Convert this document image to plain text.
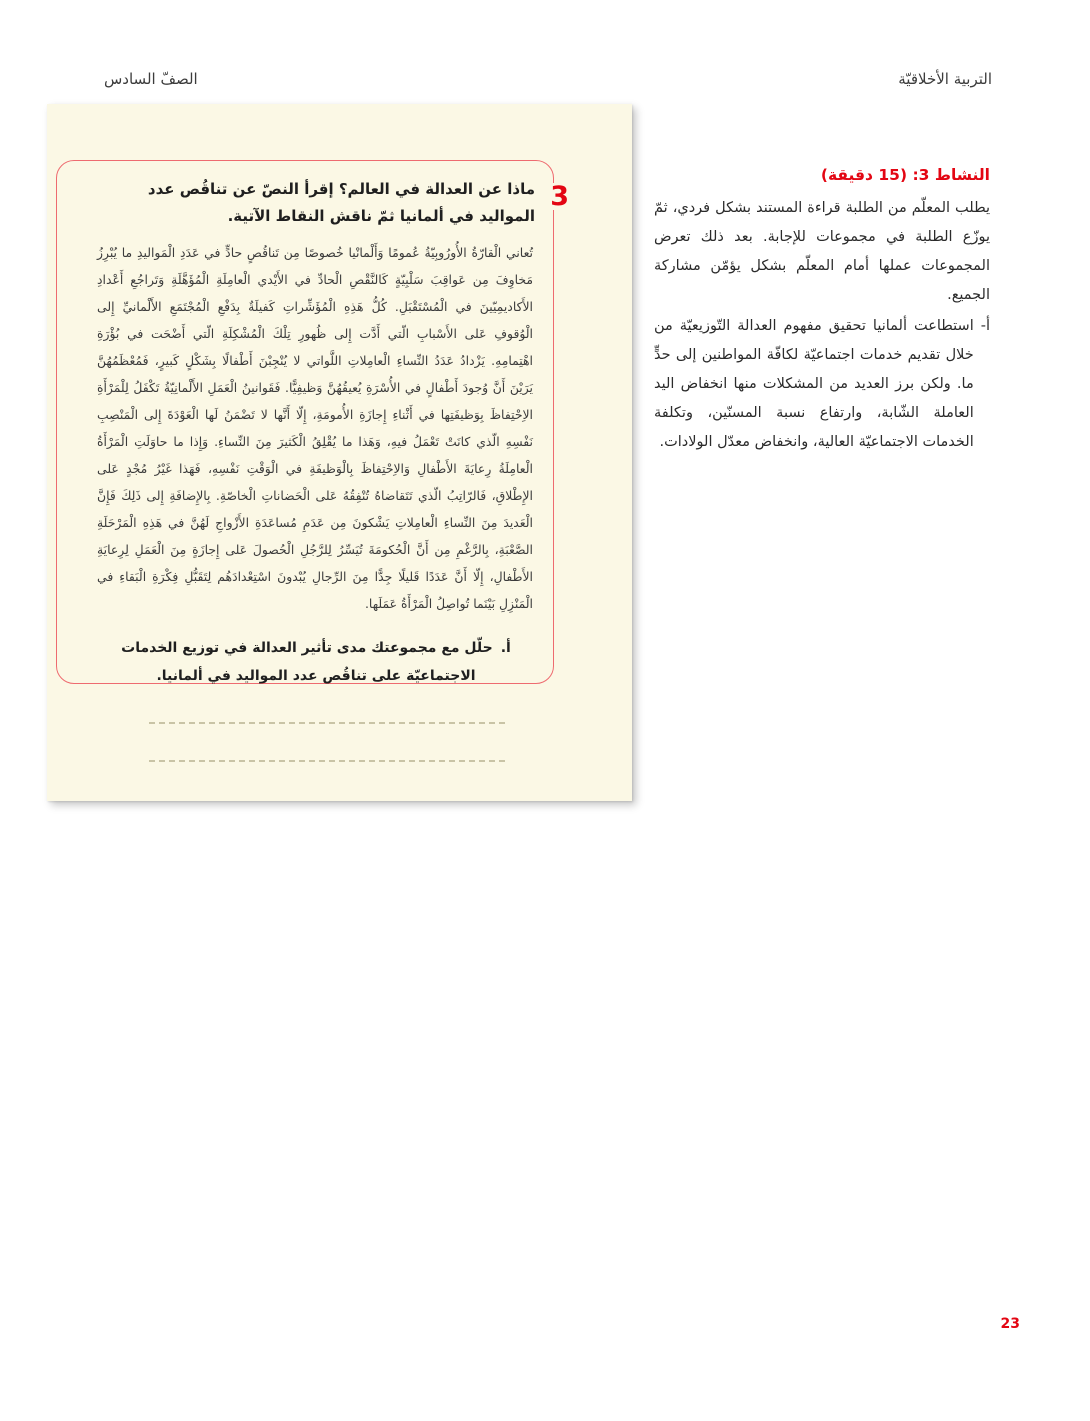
الصفّ السادس	التربية الأخلاقيّة
النشاط 3: (15 دقيقة)

يطلب المعلّم من الطلبة قراءة المستند بشكل فردي، ثمّ يوزّع الطلبة في مجموعات للإجابة. بعد ذلك تعرض المجموعات عملها أمام المعلّم بشكل يؤمّن مشاركة الجميع.

أ-

استطاعت ألمانيا تحقيق مفهوم العدالة التّوزيعيّة من خلال تقديم خدمات اجتماعيّة لكافّة المواطنين إلى حدٍّ ما. ولكن برز العديد من المشكلات منها انخفاض اليد العاملة الشّابة، وارتفاع نسبة المسنّين، وتكلفة الخدمات الاجتماعيّة العالية، وانخفاض معدّل الولادات.

3
ماذا عن العدالة في العالم؟ إقرأ النصّ عن تناقُص عدد المواليد في ألمانيا ثمّ ناقش النقاط الآتية.

تُعاني الْقارّةُ الأُورُوبِيّةُ عُمومًا وَأَلْمانْيا خُصوصًا مِن تَناقُصٍ حادٍّ في عَدَدِ الْمَواليدِ ما يُبْرِزُ مَخاوِفَ مِن عَواقِبَ سَلْبِيّةٍ كَالنَّقْصِ الْحادِّ في الأَيْدي الْعامِلَةِ الْمُؤَهَّلَةِ وَتَراجُعِ أَعْدادِ الأَكاديمِيّينَ في الْمُسْتَقْبَلِ. كُلُّ هَذِهِ الْمُؤَشِّراتِ كَفيلَةٌ بِدَفْعِ الْمُجْتَمَعِ الأَلْمانيِّ إِلى الْوُقوفِ عَلى الأَسْبابِ الّتي أَدَّت إِلى ظُهورِ تِلْكَ الْمُشْكِلَةِ الّتي أَضْحَت في بُؤْرَةِ اهْتِمامِهِ. يَزْدادُ عَدَدُ النِّساءِ الْعامِلاتِ اللَّواتي لا يُنْجِبْنَ أَطْفالًا بِشَكْلٍ كَبيرٍ، فَمُعْظَمُهُنَّ يَرَيْنَ أَنَّ وُجودَ أَطْفالٍ في الأُسْرَةِ يُعيقُهُنَّ وَظيفِيًّا. فَقَوانينُ الْعَمَلِ الأَلْمانِيّةُ تَكْفَلُ لِلْمَرْأَةِ الاِحْتِفاظَ بِوَظيفَتِها في أَثْناءِ إِجازَةِ الأُمومَةِ، إِلّا أَنَّها لا تَضْمَنُ لَها الْعَوْدَةَ إِلى الْمَنْصِبِ نَفْسِهِ الّذي كانَتْ تَعْمَلُ فيهِ، وَهَذا ما يُقْلِقُ الْكَثيرَ مِنَ النِّساءِ. وَإِذا ما حاوَلَتِ الْمَرْأَةُ الْعامِلَةُ رِعايَةَ الأَطْفالِ وَالاِحْتِفاظَ بِالْوَظيفَةِ في الْوَقْتِ نَفْسِهِ، فَهَذا غَيْرُ مُجْدٍ عَلى الإِطْلاقِ، فَالرّاتِبُ الّذي تَتَقاضاهُ تُنْفِقُهُ عَلى الْحَضاناتِ الْخاصّةِ. بِالإِضافَةِ إِلى ذَلِكَ فَإِنَّ الْعَديدَ مِنَ النِّساءِ الْعامِلاتِ يَشْكونَ مِن عَدَمِ مُساعَدَةِ الأَزْواجِ لَهُنَّ في هَذِهِ الْمَرْحَلَةِ الصَّعْبَةِ، بِالرَّغْمِ مِن أَنَّ الْحُكومَةَ تُيَسِّرُ لِلرَّجُلِ الْحُصولَ عَلى إِجازَةٍ مِنَ الْعَمَلِ لِرِعايَةِ الأَطْفالِ، إِلّا أَنَّ عَدَدًا قَليلًا جِدًّا مِنَ الرِّجالِ يُبْدونَ اسْتِعْدادَهُم لِتَقَبُّلِ فِكْرَةِ الْبَقاءِ في الْمَنْزِلِ بَيْنَما تُواصِلُ الْمَرْأَةُ عَمَلَها.

أ.حلّل مع مجموعتك مدى تأثير العدالة في توزيع الخدمات الاجتماعيّة على تناقُص عدد المواليد في ألمانيا.
23
